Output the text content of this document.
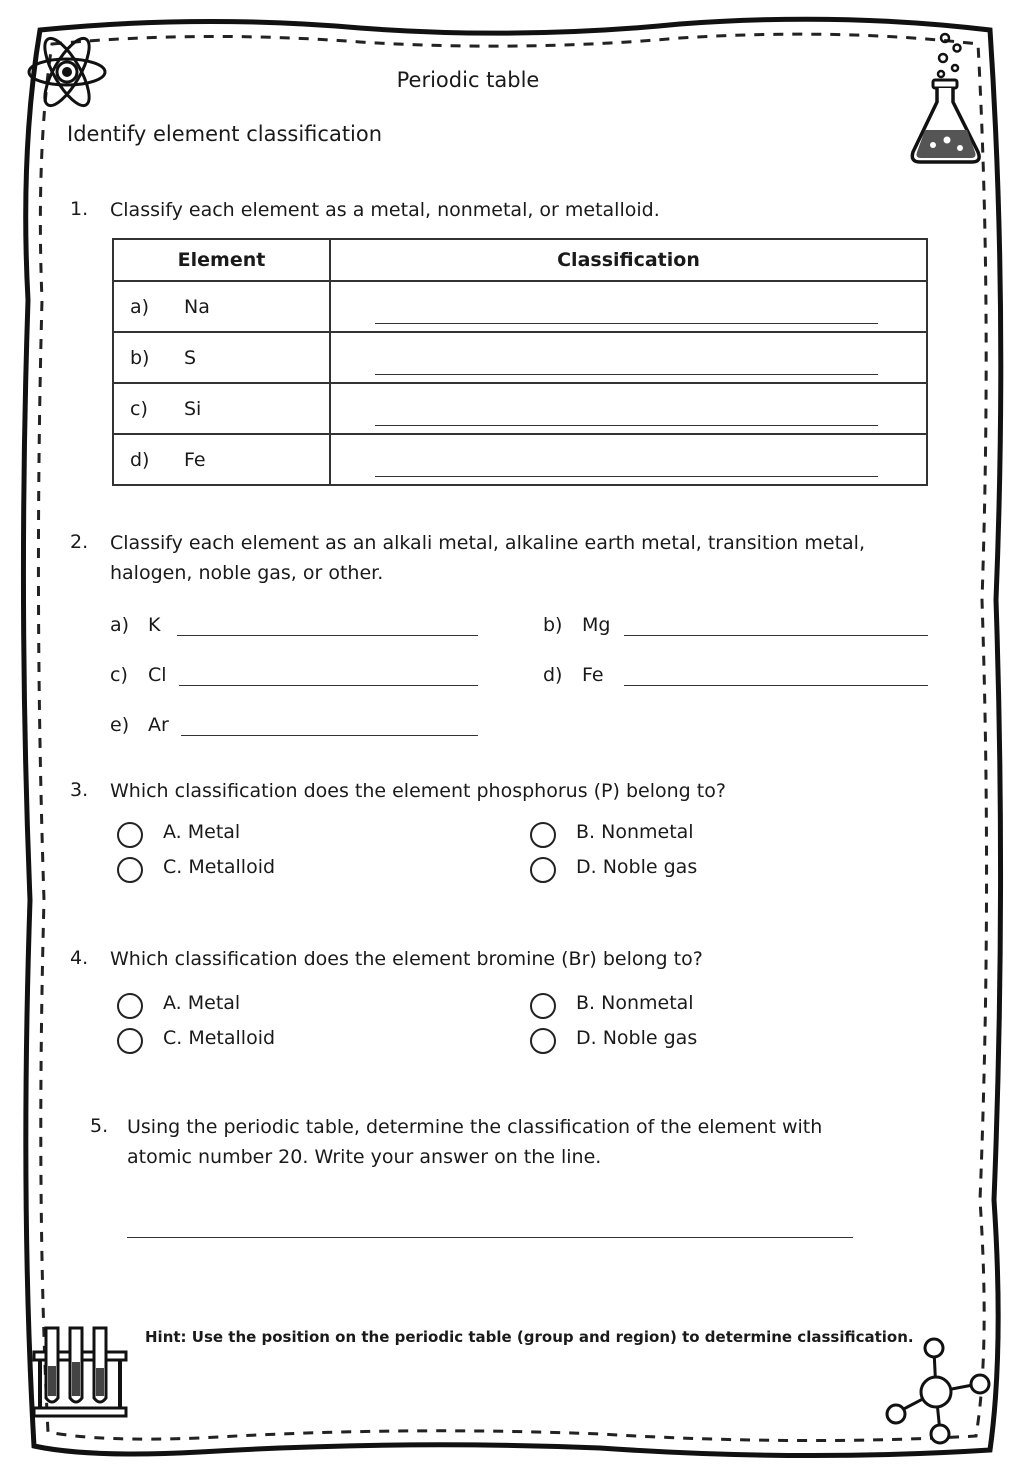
Periodic table
Identify element classification
1. Classify each element as a metal, nonmetal, or metalloid.
Element	Classification
a) Na	

b) S	

c) Si	

d) Fe	
2. Classify each element as an alkali metal, alkaline earth metal, transition metal,
halogen, noble gas, or other.
a) K	b) Mg
c) Cl	d) Fe
e) Ar
3. Which classification does the element phosphorus (P) belong to?
A. Metal	B. Nonmetal
C. Metalloid	D. Noble gas
4. Which classification does the element bromine (Br) belong to?
A. Metal	B. Nonmetal
C. Metalloid	D. Noble gas
5. Using the periodic table, determine the classification of the element with
atomic number 20. Write your answer on the line.
Hint: Use the position on the periodic table (group and region) to determine classification.
